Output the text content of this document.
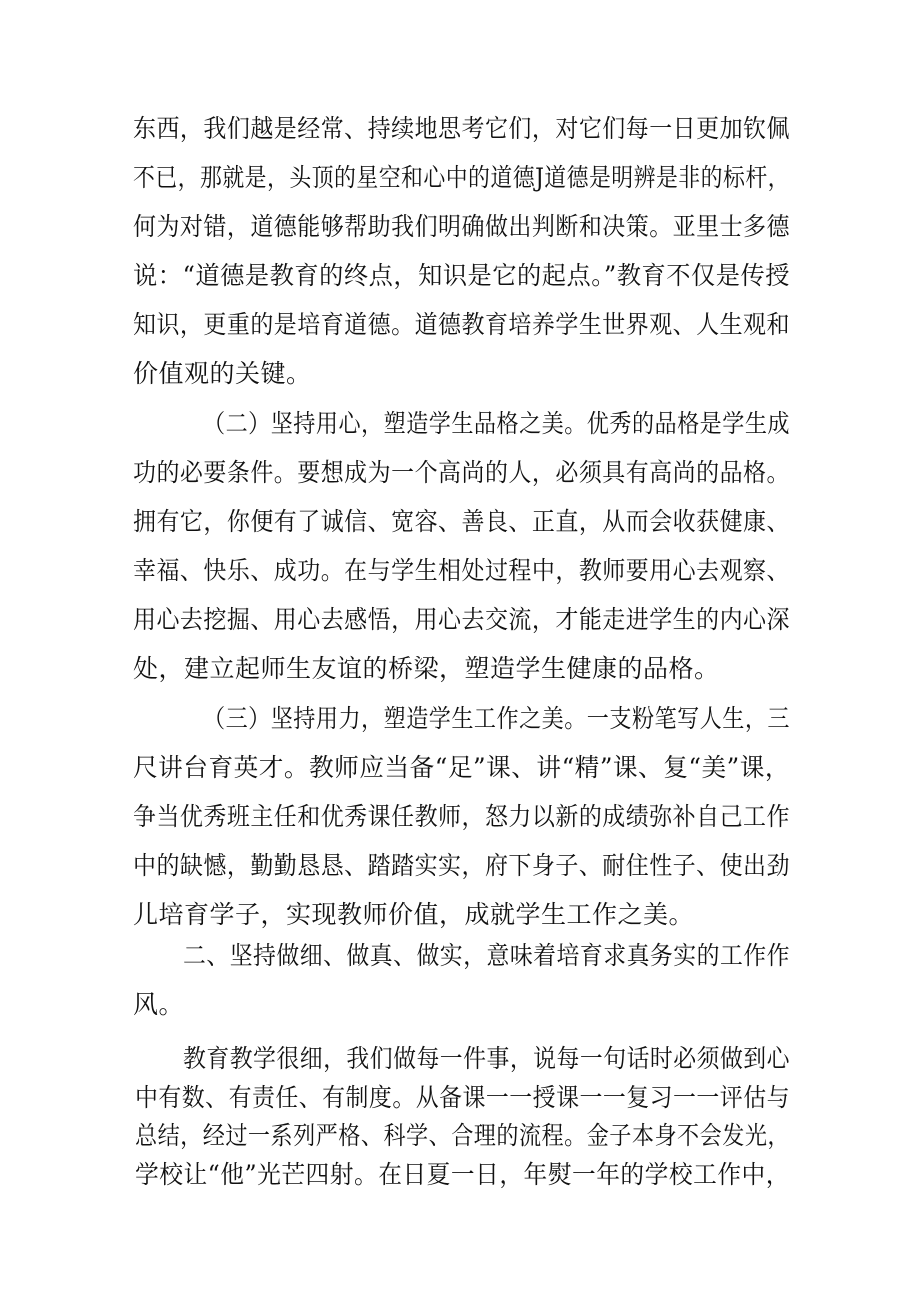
东西，我们越是经常、持续地思考它们，对它们每一日更加钦佩
不已，那就是，头顶的星空和心中的道德J道德是明辨是非的标杆，
何为对错，道德能够帮助我们明确做出判断和决策。亚里士多德
说：“道德是教育的终点，知识是它的起点。”教育不仅是传授
知识，更重的是培育道德。道德教育培养学生世界观、人生观和
价值观的关键。
（二）坚持用心，塑造学生品格之美。优秀的品格是学生成
功的必要条件。要想成为一个高尚的人，必须具有高尚的品格。
拥有它，你便有了诚信、宽容、善良、正直，从而会收获健康、
幸福、快乐、成功。在与学生相处过程中，教师要用心去观察、
用心去挖掘、用心去感悟，用心去交流，才能走进学生的内心深
处，建立起师生友谊的桥梁，塑造学生健康的品格。
（三）坚持用力，塑造学生工作之美。一支粉笔写人生，三
尺讲台育英才。教师应当备“足”课、讲“精”课、复“美”课，
争当优秀班主任和优秀课任教师，怒力以新的成绩弥补自己工作
中的缺憾，勤勤恳恳、踏踏实实，府下身子、耐住性子、使出劲
儿培育学子，实现教师价值，成就学生工作之美。
二、坚持做细、做真、做实，意味着培育求真务实的工作作
风。
教育教学很细，我们做每一件事，说每一句话时必须做到心
中有数、有责任、有制度。从备课一一授课一一复习一一评估与
总结，经过一系列严格、科学、合理的流程。金子本身不会发光，
学校让“他”光芒四射。在日夏一日，年熨一年的学校工作中，
